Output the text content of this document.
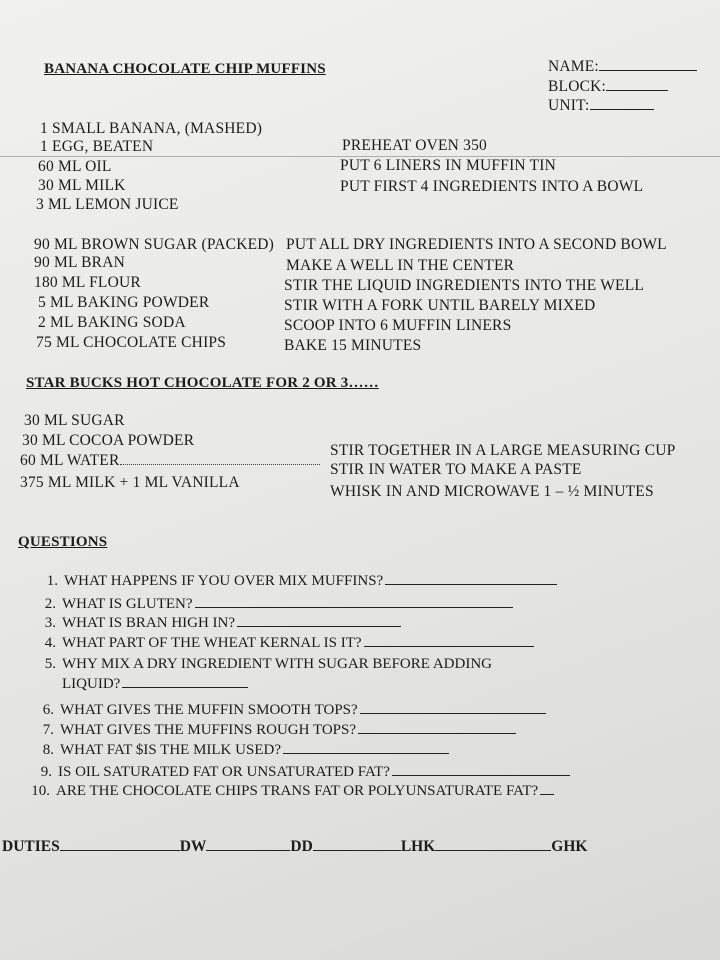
BANANA CHOCOLATE CHIP MUFFINS	NAME:
BLOCK:
UNIT:
1 SMALL BANANA, (MASHED)
1 EGG, BEATEN
60 ML OIL
30 ML MILK
3 ML LEMON JUICE
PREHEAT OVEN 350
PUT 6 LINERS IN MUFFIN TIN
PUT FIRST 4 INGREDIENTS INTO A BOWL
90 ML BROWN SUGAR (PACKED)
90 ML BRAN
180 ML FLOUR
5 ML BAKING POWDER
2 ML BAKING SODA
75 ML CHOCOLATE CHIPS
PUT ALL DRY INGREDIENTS INTO A SECOND BOWL
MAKE A WELL IN THE CENTER
STIR THE LIQUID INGREDIENTS INTO THE WELL
STIR WITH A FORK UNTIL BARELY MIXED
SCOOP INTO 6 MUFFIN LINERS
BAKE 15 MINUTES
STAR BUCKS HOT CHOCOLATE FOR 2 OR 3……
30 ML SUGAR
30 ML COCOA POWDER
60 ML WATER
375 ML MILK + 1 ML VANILLA
STIR TOGETHER IN A LARGE MEASURING CUP
STIR IN WATER TO MAKE A PASTE
WHISK IN AND MICROWAVE 1 – ½ MINUTES
QUESTIONS
1. WHAT HAPPENS IF YOU OVER MIX MUFFINS?
2. WHAT IS GLUTEN?
3. WHAT IS BRAN HIGH IN?
4. WHAT PART OF THE WHEAT KERNAL IS IT?
5. WHY MIX A DRY INGREDIENT WITH SUGAR BEFORE ADDING
LIQUID?
6. WHAT GIVES THE MUFFIN SMOOTH TOPS?
7. WHAT GIVES THE MUFFINS ROUGH TOPS?
8. WHAT FAT $IS THE MILK USED?
9. IS OIL SATURATED FAT OR UNSATURATED FAT?
10. ARE THE CHOCOLATE CHIPS TRANS FAT OR POLYUNSATURATE FAT?
DUTIES	DW	DD	LHK	GHK
